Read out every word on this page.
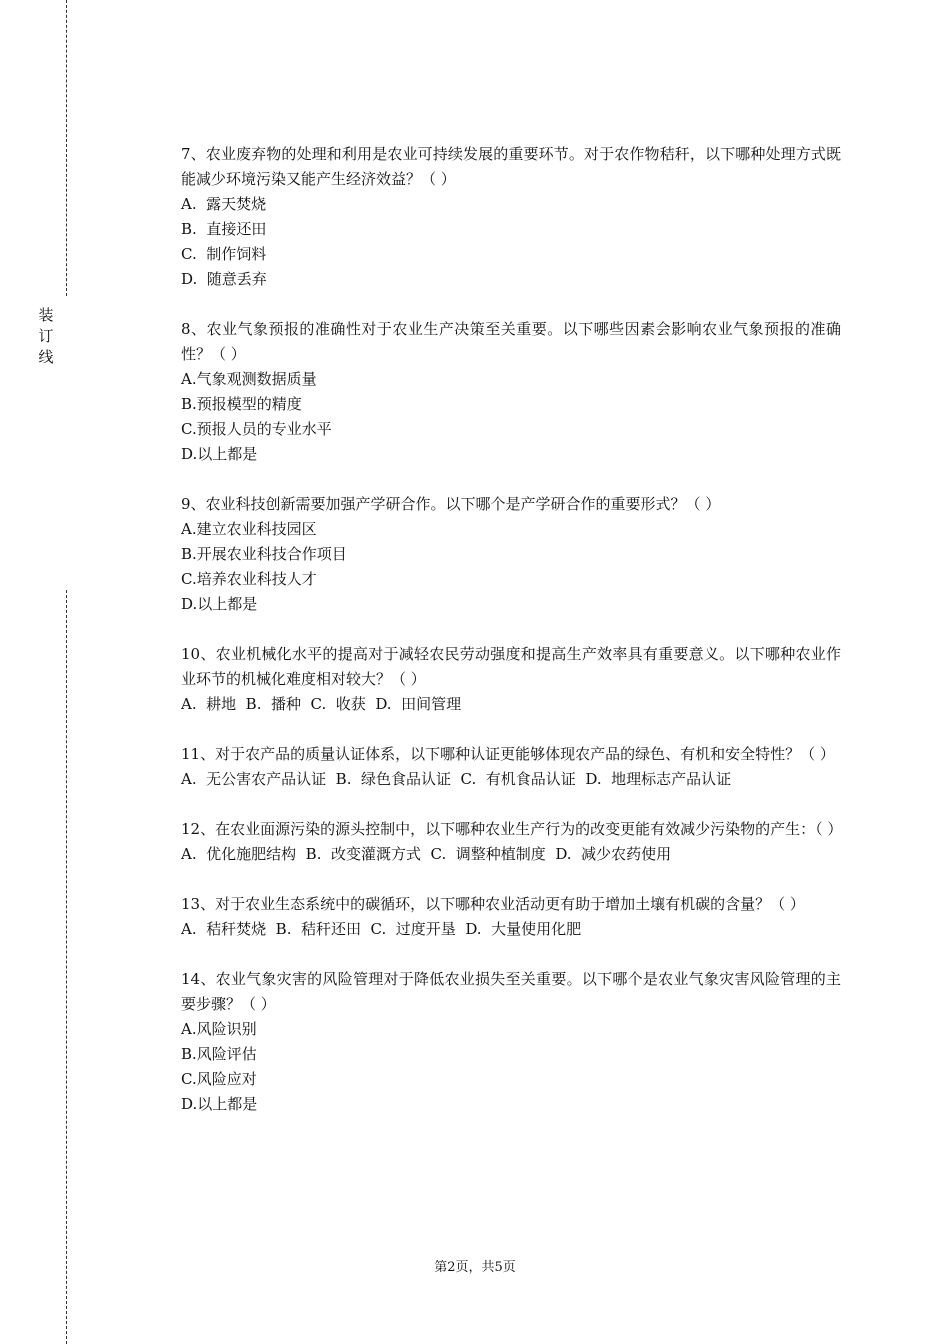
装
订
线

7、农业废弃物的处理和利用是农业可持续发展的重要环节。对于农作物秸秆，以下哪种处理方式既能减少环境污染又能产生经济效益？（ ）

A.  露天焚烧

B.  直接还田

C.  制作饲料

D.  随意丢弃

8、农业气象预报的准确性对于农业生产决策至关重要。以下哪些因素会影响农业气象预报的准确性？（ ）

A.气象观测数据质量

B.预报模型的精度

C.预报人员的专业水平

D.以上都是

9、农业科技创新需要加强产学研合作。以下哪个是产学研合作的重要形式？（ ）

A.建立农业科技园区

B.开展农业科技合作项目

C.培养农业科技人才

D.以上都是

10、农业机械化水平的提高对于减轻农民劳动强度和提高生产效率具有重要意义。以下哪种农业作业环节的机械化难度相对较大？（ ）

A.  耕地  B.  播种  C.  收获  D.  田间管理

11、对于农产品的质量认证体系，以下哪种认证更能够体现农产品的绿色、有机和安全特性？（ ）

A.  无公害农产品认证  B.  绿色食品认证  C.  有机食品认证  D.  地理标志产品认证

12、在农业面源污染的源头控制中，以下哪种农业生产行为的改变更能有效减少污染物的产生：（ ）

A.  优化施肥结构  B.  改变灌溉方式  C.  调整种植制度  D.  减少农药使用

13、对于农业生态系统中的碳循环，以下哪种农业活动更有助于增加土壤有机碳的含量？（ ）

A.  秸秆焚烧  B.  秸秆还田  C.  过度开垦  D.  大量使用化肥

14、农业气象灾害的风险管理对于降低农业损失至关重要。以下哪个是农业气象灾害风险管理的主要步骤？（ ）

A.风险识别

B.风险评估

C.风险应对

D.以上都是

第2页，共5页
